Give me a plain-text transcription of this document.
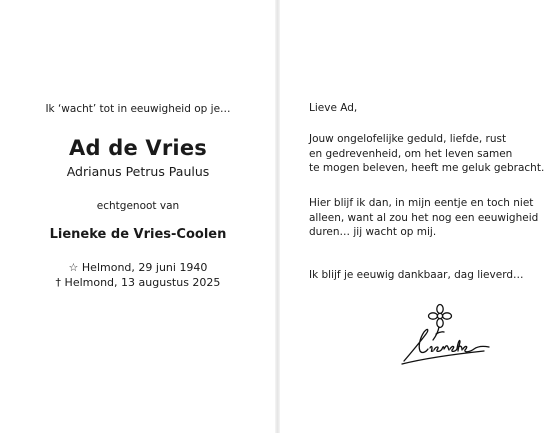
Ik ‘wacht’ tot in eeuwigheid op je…
Ad de Vries
Adrianus Petrus Paulus
echtgenoot van
Lieneke de Vries-Coolen
☆ Helmond, 29 juni 1940
† Helmond, 13 augustus 2025
Lieve Ad,
Jouw ongelofelijke geduld, liefde, rust
en gedrevenheid, om het leven samen
te mogen beleven, heeft me geluk gebracht.
Hier blijf ik dan, in mijn eentje en toch niet
alleen, want al zou het nog een eeuwigheid
duren… jij wacht op mij.
Ik blijf je eeuwig dankbaar, dag lieverd…
